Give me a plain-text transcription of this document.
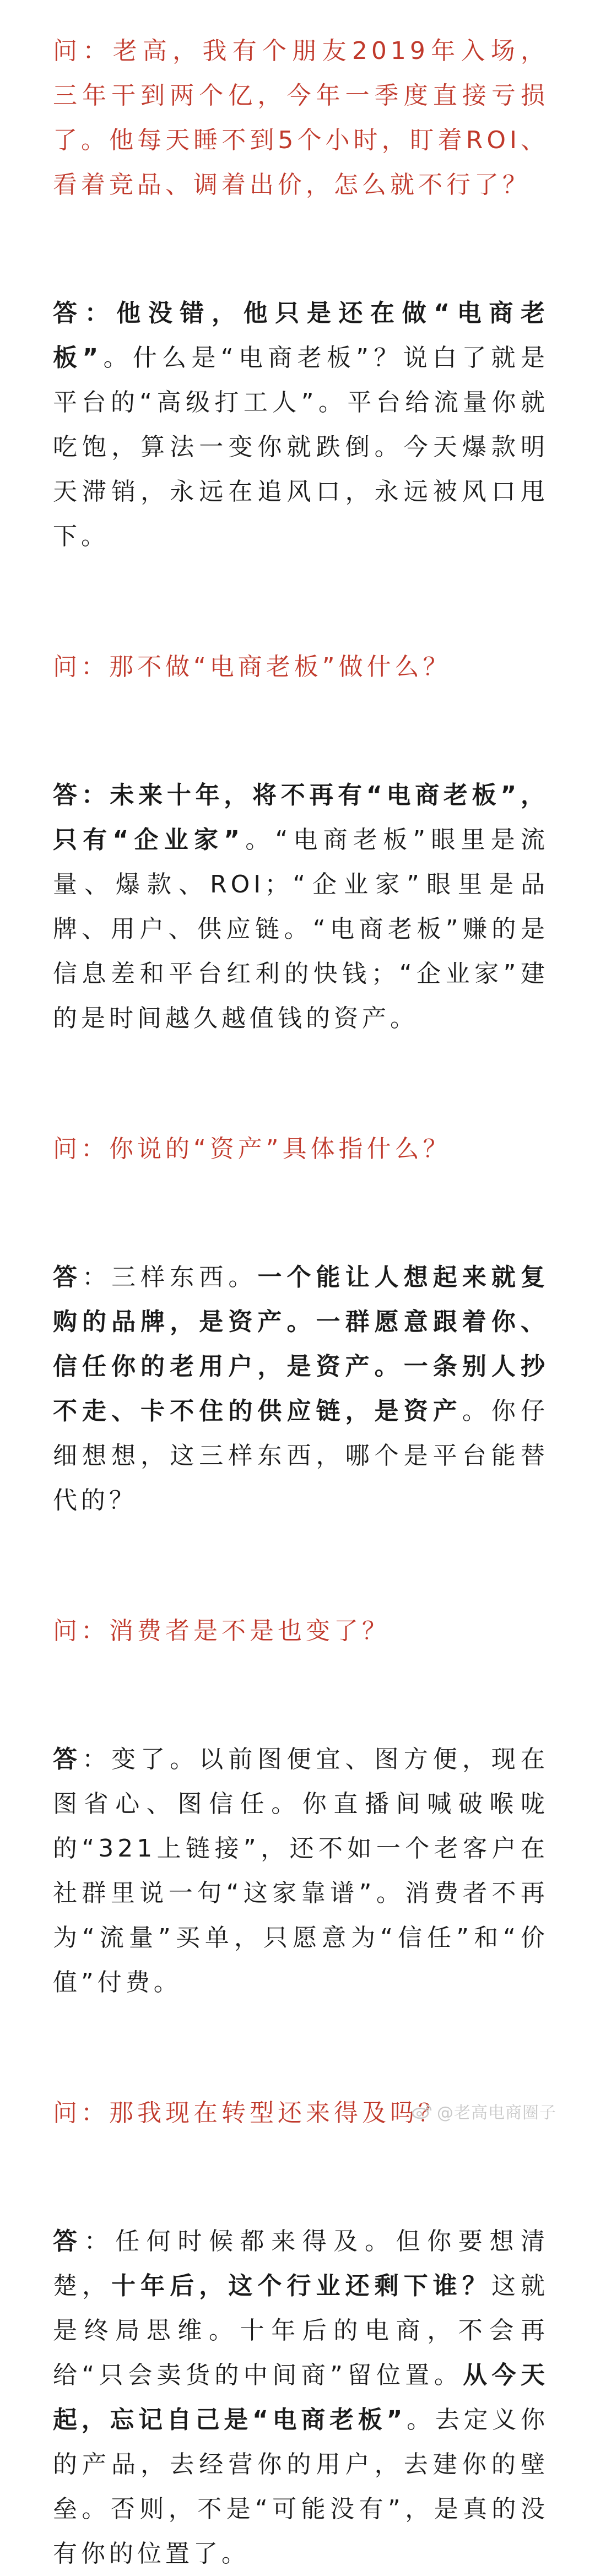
问：老高，我有个朋友2019年入场，三年干到两个亿，今年一季度直接亏损了。他每天睡不到5个小时，盯着ROI、看着竞品、调着出价，怎么就不行了？

答：他没错，他只是还在做“电商老板”。什么是“电商老板”？说白了就是平台的“高级打工人”。平台给流量你就吃饱，算法一变你就跌倒。今天爆款明天滞销，永远在追风口，永远被风口甩下。

问：那不做“电商老板”做什么？

答：未来十年，将不再有“电商老板”，只有“企业家”。“电商老板”眼里是流量、爆款、ROI；“企业家”眼里是品牌、用户、供应链。“电商老板”赚的是信息差和平台红利的快钱；“企业家”建的是时间越久越值钱的资产。

问：你说的“资产”具体指什么？

答：三样东西。一个能让人想起来就复购的品牌，是资产。一群愿意跟着你、信任你的老用户，是资产。一条别人抄不走、卡不住的供应链，是资产。你仔细想想，这三样东西，哪个是平台能替代的？

问：消费者是不是也变了？

答：变了。以前图便宜、图方便，现在图省心、图信任。你直播间喊破喉咙的“321上链接”，还不如一个老客户在社群里说一句“这家靠谱”。消费者不再为“流量”买单，只愿意为“信任”和“价值”付费。

问：那我现在转型还来得及吗？

答：任何时候都来得及。但你要想清楚，十年后，这个行业还剩下谁？这就是终局思维。十年后的电商，不会再给“只会卖货的中间商”留位置。从今天起，忘记自己是“电商老板”。去定义你的产品，去经营你的用户，去建你的壁垒。否则，不是“可能没有”，是真的没有你的位置了。

@老高电商圈子
